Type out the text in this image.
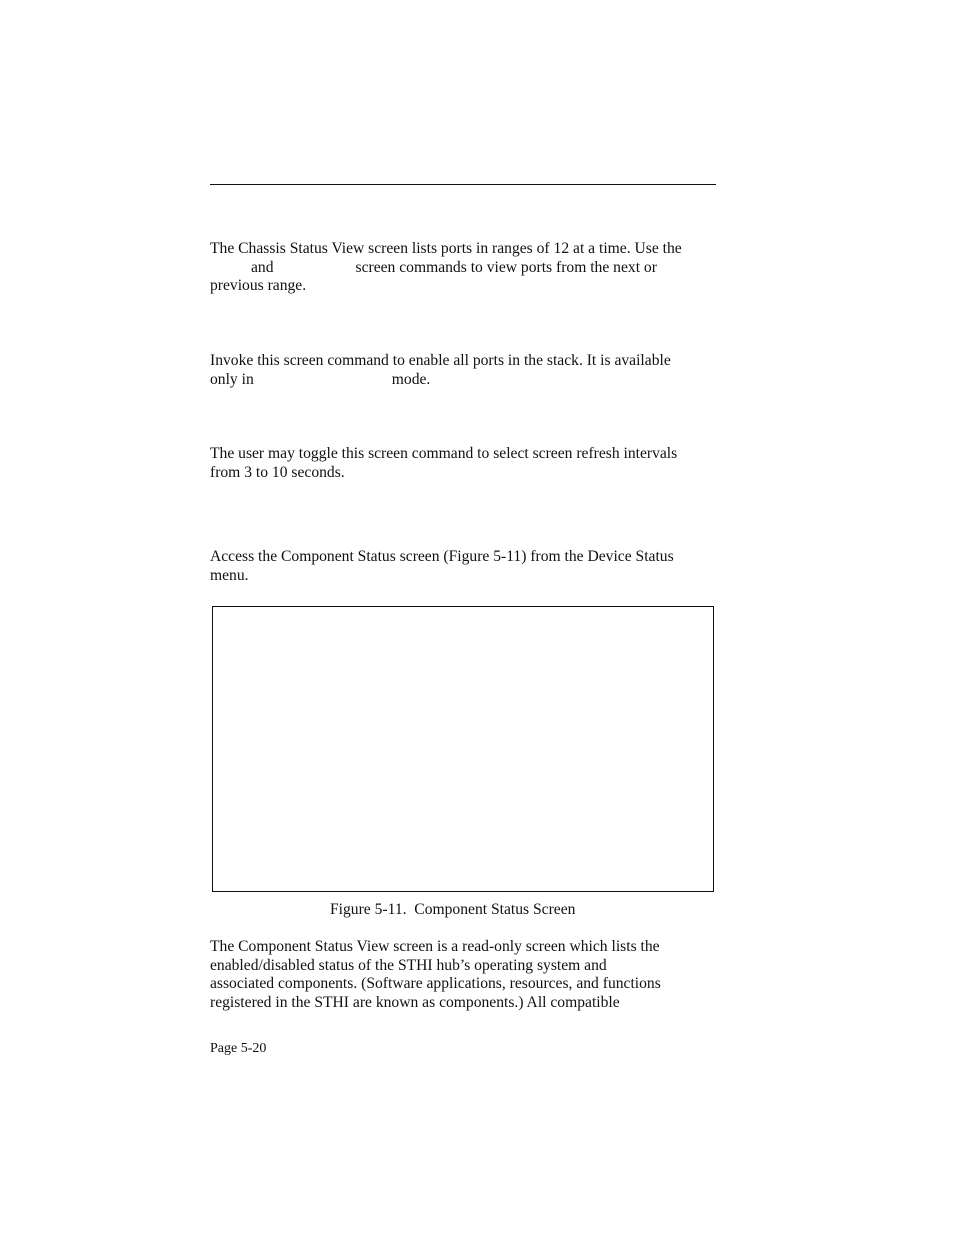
The Chassis Status View screen lists ports in ranges of 12 at a time. Use the
and	screen commands to view ports from the next or
previous range.
Invoke this screen command to enable all ports in the stack. It is available
only in	mode.
The user may toggle this screen command to select screen refresh intervals
from 3 to 10 seconds.
Access the Component Status screen (Figure 5-11) from the Device Status
menu.
Figure 5-11.  Component Status Screen
The Component Status View screen is a read-only screen which lists the
enabled/disabled status of the STHI hub’s operating system and
associated components. (Software applications, resources, and functions
registered in the STHI are known as components.) All compatible
Page 5-20
